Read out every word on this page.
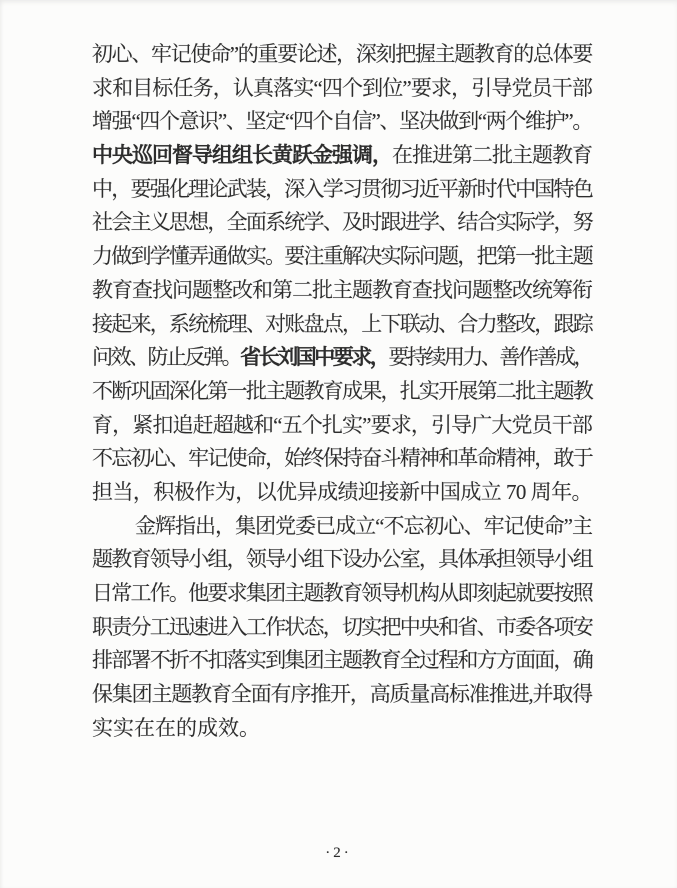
初心、牢记使命”的重要论述，深刻把握主题教育的总体要
求和目标任务，认真落实“四个到位”要求，引导党员干部
增强“四个意识”、坚定“四个自信”、坚决做到“两个维护”。
中央巡回督导组组长黄跃金强调，在推进第二批主题教育
中，要强化理论武装，深入学习贯彻习近平新时代中国特色
社会主义思想，全面系统学、及时跟进学、结合实际学，努
力做到学懂弄通做实。要注重解决实际问题，把第一批主题
教育查找问题整改和第二批主题教育查找问题整改统筹衔
接起来，系统梳理、对账盘点，上下联动、合力整改，跟踪
问效、防止反弹。省长刘国中要求，要持续用力、善作善成，
不断巩固深化第一批主题教育成果，扎实开展第二批主题教
育，紧扣追赶超越和“五个扎实”要求，引导广大党员干部
不忘初心、牢记使命，始终保持奋斗精神和革命精神，敢于
担当，积极作为，以优异成绩迎接新中国成立 70 周年。
金辉指出，集团党委已成立“不忘初心、牢记使命”主
题教育领导小组，领导小组下设办公室，具体承担领导小组
日常工作。他要求集团主题教育领导机构从即刻起就要按照
职责分工迅速进入工作状态，切实把中央和省、市委各项安
排部署不折不扣落实到集团主题教育全过程和方方面面，确
保集团主题教育全面有序推开，高质量高标准推进,并取得
实实在在的成效。
·2·
